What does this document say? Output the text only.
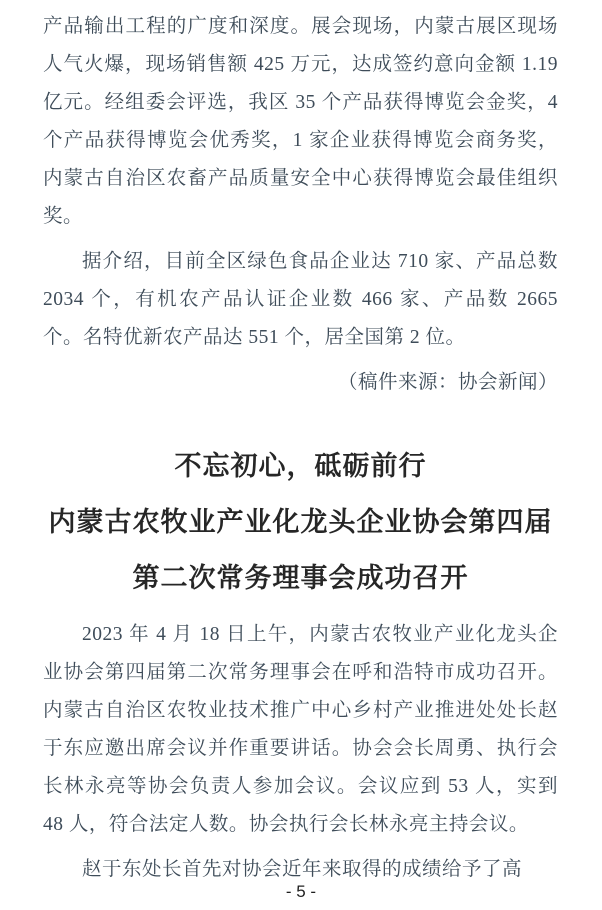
产品输出工程的广度和深度。展会现场，内蒙古展区现场人气火爆，现场销售额 425 万元，达成签约意向金额 1.19 亿元。经组委会评选，我区 35 个产品获得博览会金奖，4 个产品获得博览会优秀奖，1 家企业获得博览会商务奖，内蒙古自治区农畜产品质量安全中心获得博览会最佳组织奖。

据介绍，目前全区绿色食品企业达 710 家、产品总数 2034 个，有机农产品认证企业数 466 家、产品数 2665 个。名特优新农产品达 551 个，居全国第 2 位。

（稿件来源：协会新闻）

不忘初心，砥砺前行
内蒙古农牧业产业化龙头企业协会第四届
第二次常务理事会成功召开

2023 年 4 月 18 日上午，内蒙古农牧业产业化龙头企业协会第四届第二次常务理事会在呼和浩特市成功召开。内蒙古自治区农牧业技术推广中心乡村产业推进处处长赵于东应邀出席会议并作重要讲话。协会会长周勇、执行会长林永亮等协会负责人参加会议。会议应到 53 人，实到 48 人，符合法定人数。协会执行会长林永亮主持会议。

赵于东处长首先对协会近年来取得的成绩给予了高

- 5 -
